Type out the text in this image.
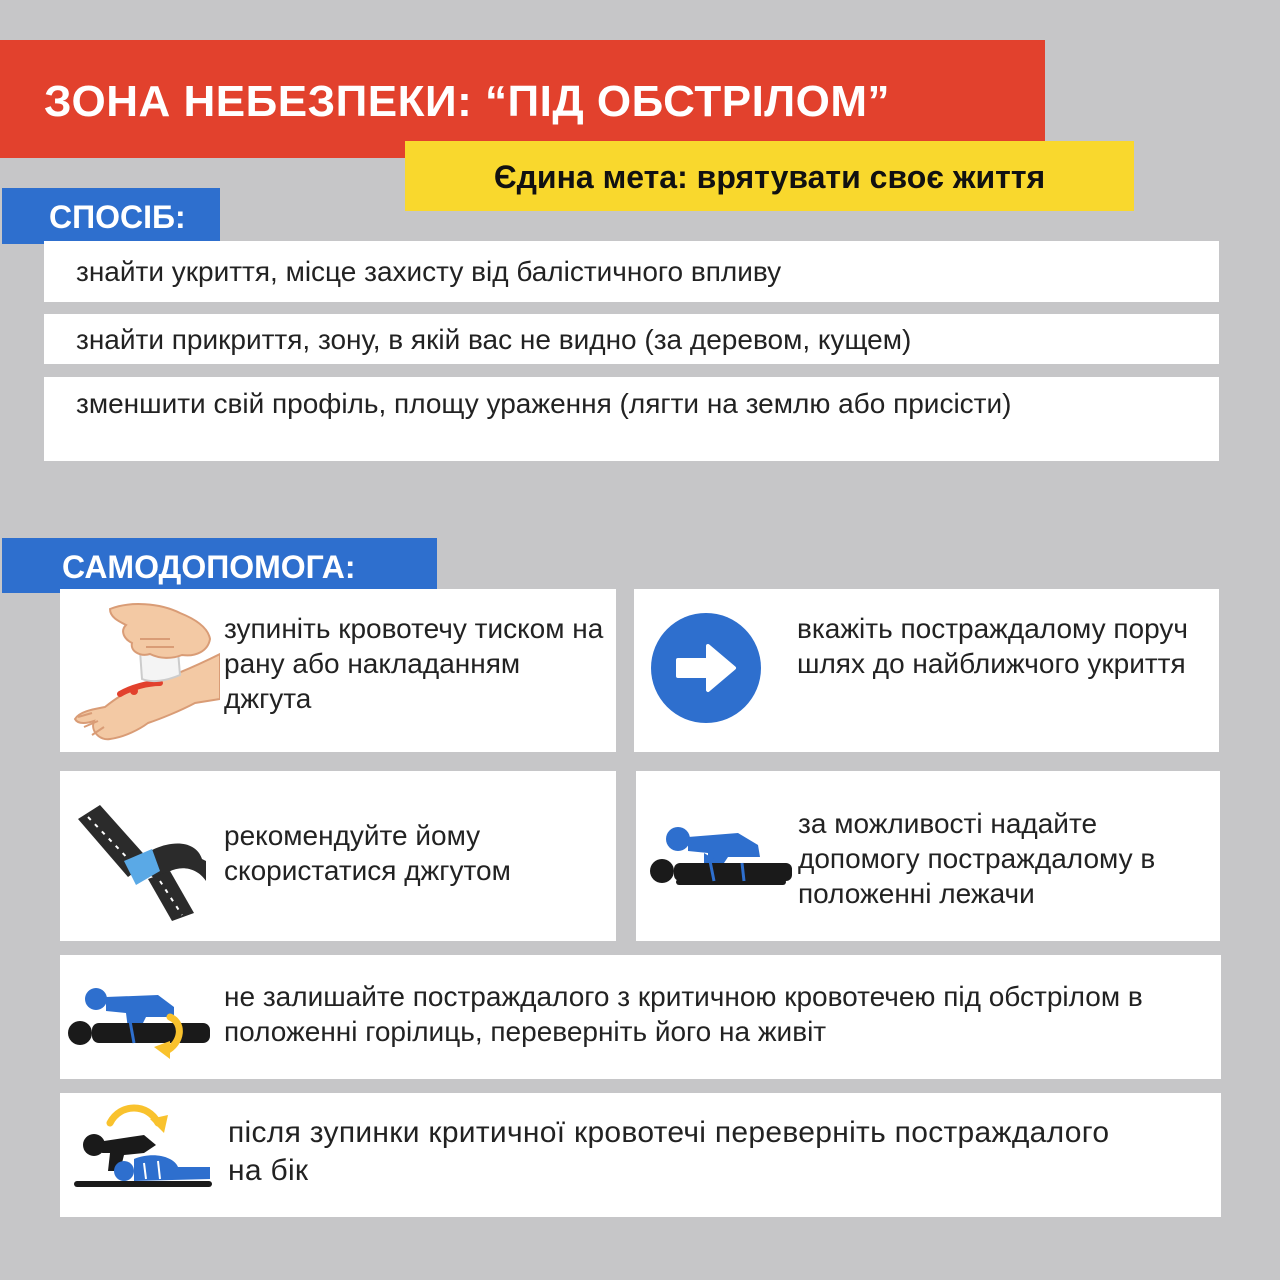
ЗОНА НЕБЕЗПЕКИ: “ПІД ОБСТРІЛОМ”
Єдина мета: врятувати своє життя
СПОСІБ:
знайти укриття, місце захисту від балістичного впливу
знайти прикриття, зону, в якій вас не видно (за деревом, кущем)
зменшити свій профіль, площу ураження (лягти на землю або присісти)
САМОДОПОМОГА:
зупиніть кровотечу тиском на рану або накладанням джгута
вкажіть постраждалому поруч шлях до найближчого укриття
рекомендуйте йому скористатися джгутом
за можливості надайте допомогу постраждалому в положенні лежачи
не залишайте постраждалого з критичною кровотечею під обстрілом в положенні горілиць, переверніть його на живіт
після зупинки критичної кровотечі переверніть постраждалого на бік
